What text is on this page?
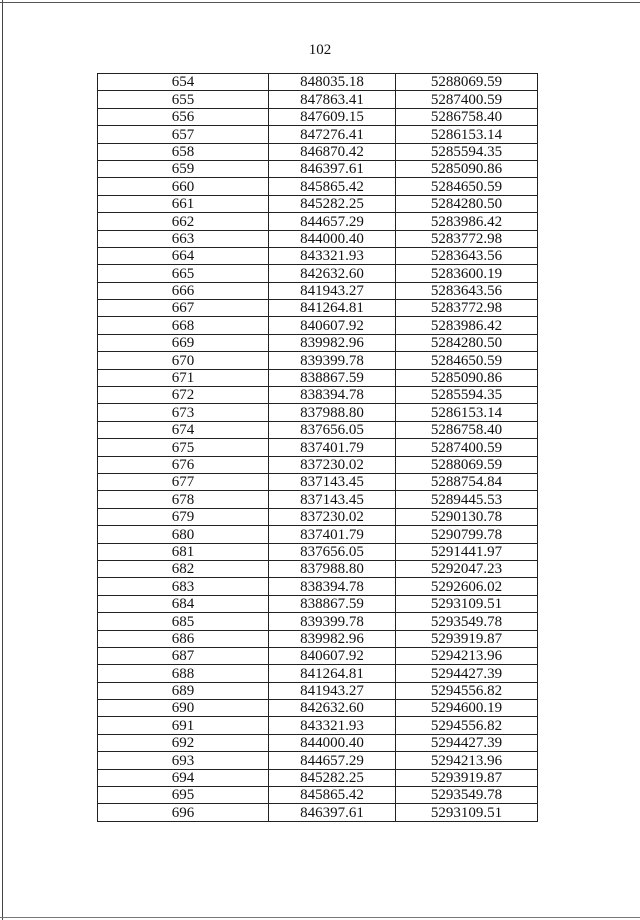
102
654	848035.18	5288069.59
655	847863.41	5287400.59
656	847609.15	5286758.40
657	847276.41	5286153.14
658	846870.42	5285594.35
659	846397.61	5285090.86
660	845865.42	5284650.59
661	845282.25	5284280.50
662	844657.29	5283986.42
663	844000.40	5283772.98
664	843321.93	5283643.56
665	842632.60	5283600.19
666	841943.27	5283643.56
667	841264.81	5283772.98
668	840607.92	5283986.42
669	839982.96	5284280.50
670	839399.78	5284650.59
671	838867.59	5285090.86
672	838394.78	5285594.35
673	837988.80	5286153.14
674	837656.05	5286758.40
675	837401.79	5287400.59
676	837230.02	5288069.59
677	837143.45	5288754.84
678	837143.45	5289445.53
679	837230.02	5290130.78
680	837401.79	5290799.78
681	837656.05	5291441.97
682	837988.80	5292047.23
683	838394.78	5292606.02
684	838867.59	5293109.51
685	839399.78	5293549.78
686	839982.96	5293919.87
687	840607.92	5294213.96
688	841264.81	5294427.39
689	841943.27	5294556.82
690	842632.60	5294600.19
691	843321.93	5294556.82
692	844000.40	5294427.39
693	844657.29	5294213.96
694	845282.25	5293919.87
695	845865.42	5293549.78
696	846397.61	5293109.51
